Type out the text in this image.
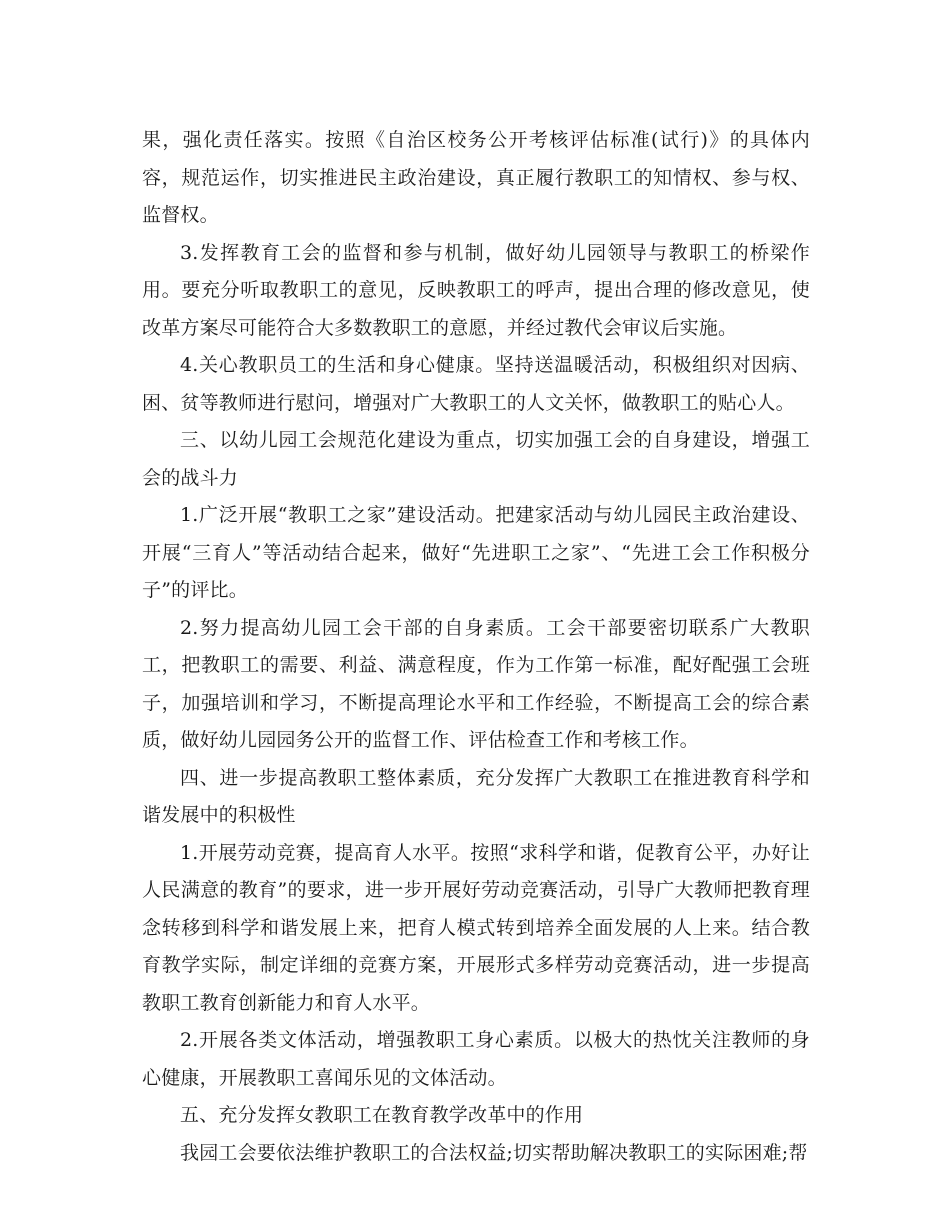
果，强化责任落实。按照《自治区校务公开考核评估标准(试行)》的具体内容，规范运作，切实推进民主政治建设，真正履行教职工的知情权、参与权、监督权。

3.发挥教育工会的监督和参与机制，做好幼儿园领导与教职工的桥梁作用。要充分听取教职工的意见，反映教职工的呼声，提出合理的修改意见，使改革方案尽可能符合大多数教职工的意愿，并经过教代会审议后实施。

4.关心教职员工的生活和身心健康。坚持送温暖活动，积极组织对因病、困、贫等教师进行慰问，增强对广大教职工的人文关怀，做教职工的贴心人。

三、以幼儿园工会规范化建设为重点，切实加强工会的自身建设，增强工会的战斗力

1.广泛开展“教职工之家”建设活动。把建家活动与幼儿园民主政治建设、开展“三育人”等活动结合起来，做好“先进职工之家”、“先进工会工作积极分子”的评比。

2.努力提高幼儿园工会干部的自身素质。工会干部要密切联系广大教职工，把教职工的需要、利益、满意程度，作为工作第一标准，配好配强工会班子，加强培训和学习，不断提高理论水平和工作经验，不断提高工会的综合素质，做好幼儿园园务公开的监督工作、评估检查工作和考核工作。

四、进一步提高教职工整体素质，充分发挥广大教职工在推进教育科学和谐发展中的积极性

1.开展劳动竞赛，提高育人水平。按照“求科学和谐，促教育公平，办好让人民满意的教育”的要求，进一步开展好劳动竞赛活动，引导广大教师把教育理念转移到科学和谐发展上来，把育人模式转到培养全面发展的人上来。结合教育教学实际，制定详细的竞赛方案，开展形式多样劳动竞赛活动，进一步提高教职工教育创新能力和育人水平。

2.开展各类文体活动，增强教职工身心素质。以极大的热忱关注教师的身心健康，开展教职工喜闻乐见的文体活动。

五、充分发挥女教职工在教育教学改革中的作用

我园工会要依法维护教职工的合法权益;切实帮助解决教职工的实际困难;帮
